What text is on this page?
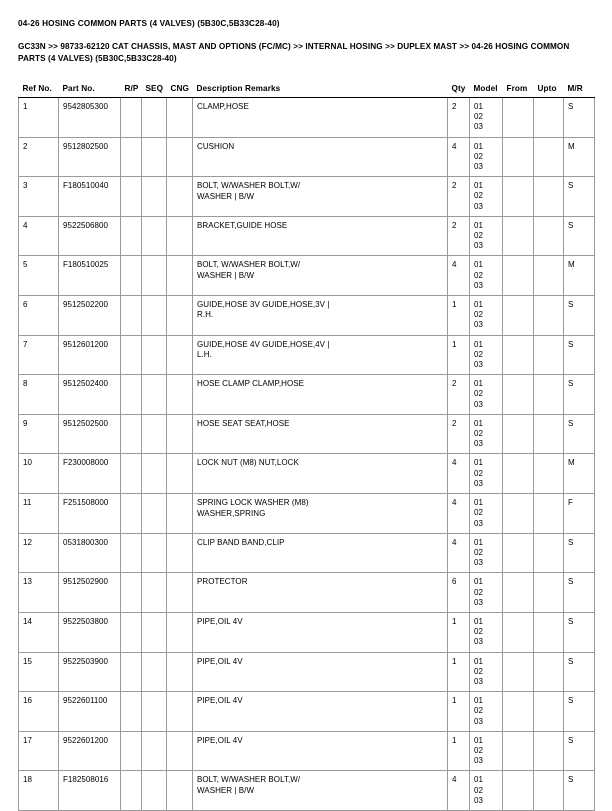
04-26 HOSING COMMON PARTS (4 VALVES) (5B30C,5B33C28-40)
GC33N >> 98733-62120 CAT CHASSIS, MAST AND OPTIONS (FC/MC) >> INTERNAL HOSING >> DUPLEX MAST >> 04-26 HOSING COMMON PARTS (4 VALVES) (5B30C,5B33C28-40)
Ref No.	Part No.	R/P	SEQ	CNG	Description Remarks	Qty	Model	From	Upto	M/R
1	9542805300				CLAMP,HOSE	2	01
02
03			S
2	9512802500				CUSHION	4	01
02
03			M
3	F180510040				BOLT, W/WASHER BOLT,W/
WASHER | B/W	2	01
02
03			S
4	9522506800				BRACKET,GUIDE HOSE	2	01
02
03			S
5	F180510025				BOLT, W/WASHER BOLT,W/
WASHER | B/W	4	01
02
03			M
6	9512502200				GUIDE,HOSE 3V GUIDE,HOSE,3V |
R.H.	1	01
02
03			S
7	9512601200				GUIDE,HOSE 4V GUIDE,HOSE,4V |
L.H.	1	01
02
03			S
8	9512502400				HOSE CLAMP CLAMP,HOSE	2	01
02
03			S
9	9512502500				HOSE SEAT SEAT,HOSE	2	01
02
03			S
10	F230008000				LOCK NUT (M8) NUT,LOCK	4	01
02
03			M
11	F251508000				SPRING LOCK WASHER (M8)
WASHER,SPRING	4	01
02
03			F
12	0531800300				CLIP BAND BAND,CLIP	4	01
02
03			S
13	9512502900				PROTECTOR	6	01
02
03			S
14	9522503800				PIPE,OIL 4V	1	01
02
03			S
15	9522503900				PIPE,OIL 4V	1	01
02
03			S
16	9522601100				PIPE,OIL 4V	1	01
02
03			S
17	9522601200				PIPE,OIL 4V	1	01
02
03			S
18	F182508016				BOLT, W/WASHER BOLT,W/
WASHER | B/W	4	01
02
03			S
